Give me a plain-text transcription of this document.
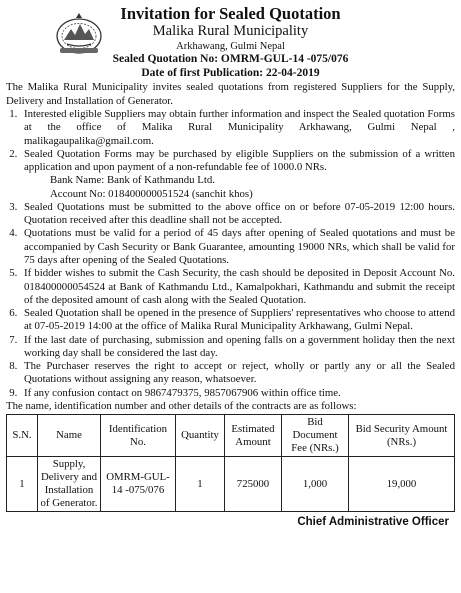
Invitation for Sealed Quotation
Malika Rural Municipality
Arkhawang, Gulmi Nepal
Sealed Quotation No: OMRM-GUL-14 -075/076
Date of first Publication: 22-04-2019
The Malika Rural Municipality invites sealed quotations from registered Suppliers for the Supply, Delivery and Installation of Generator.
1. Interested eligible Suppliers may obtain further information and inspect the Sealed quotation Forms at the office of Malika Rural Municipality Arkhawang, Gulmi Nepal , malikagaupalika@gmail.com.
2. Sealed Quotation Forms may be purchased by eligible Suppliers on the submission of a written application and upon payment of a non-refundable fee of 1000.0 NRs.
Bank Name: Bank of Kathmandu Ltd.
Account No: 018400000051524 (sanchit khos)
3. Sealed Quotations must be submitted to the above office on or before 07-05-2019 12:00 hours. Quotation received after this deadline shall not be accepted.
4. Quotations must be valid for a period of 45 days after opening of Sealed quotations and must be accompanied by Cash Security or Bank Guarantee, amounting 19000 NRs, which shall be valid for 75 days after opening of the Sealed Quotations.
5. If bidder wishes to submit the Cash Security, the cash should be deposited in Deposit Account No. 018400000054524 at Bank of Kathmandu Ltd., Kamalpokhari, Kathmandu and submit the receipt of the deposited amount of cash along with the Sealed Quotation.
6. Sealed Quotation shall be opened in the presence of Suppliers' representatives who choose to attend at 07-05-2019 14:00 at the office of Malika Rural Municipality Arkhawang, Gulmi Nepal.
7. If the last date of purchasing, submission and opening falls on a government holiday then the next working day shall be considered the last day.
8. The Purchaser reserves the right to accept or reject, wholly or partly any or all the Sealed Quotations without assigning any reason, whatsoever.
9. If any confusion contact on 9867479375, 9857067906 within office time.
The name, identification number and other details of the contracts are as follows:
S.N.	Name	Identification No.	Quantity	Estimated Amount	Bid Document Fee (NRs.)	Bid Security Amount (NRs.)
1	Supply, Delivery and Installation of Generator.	OMRM-GUL-14 -075/076	1	725000	1,000	19,000
Chief Administrative Officer
